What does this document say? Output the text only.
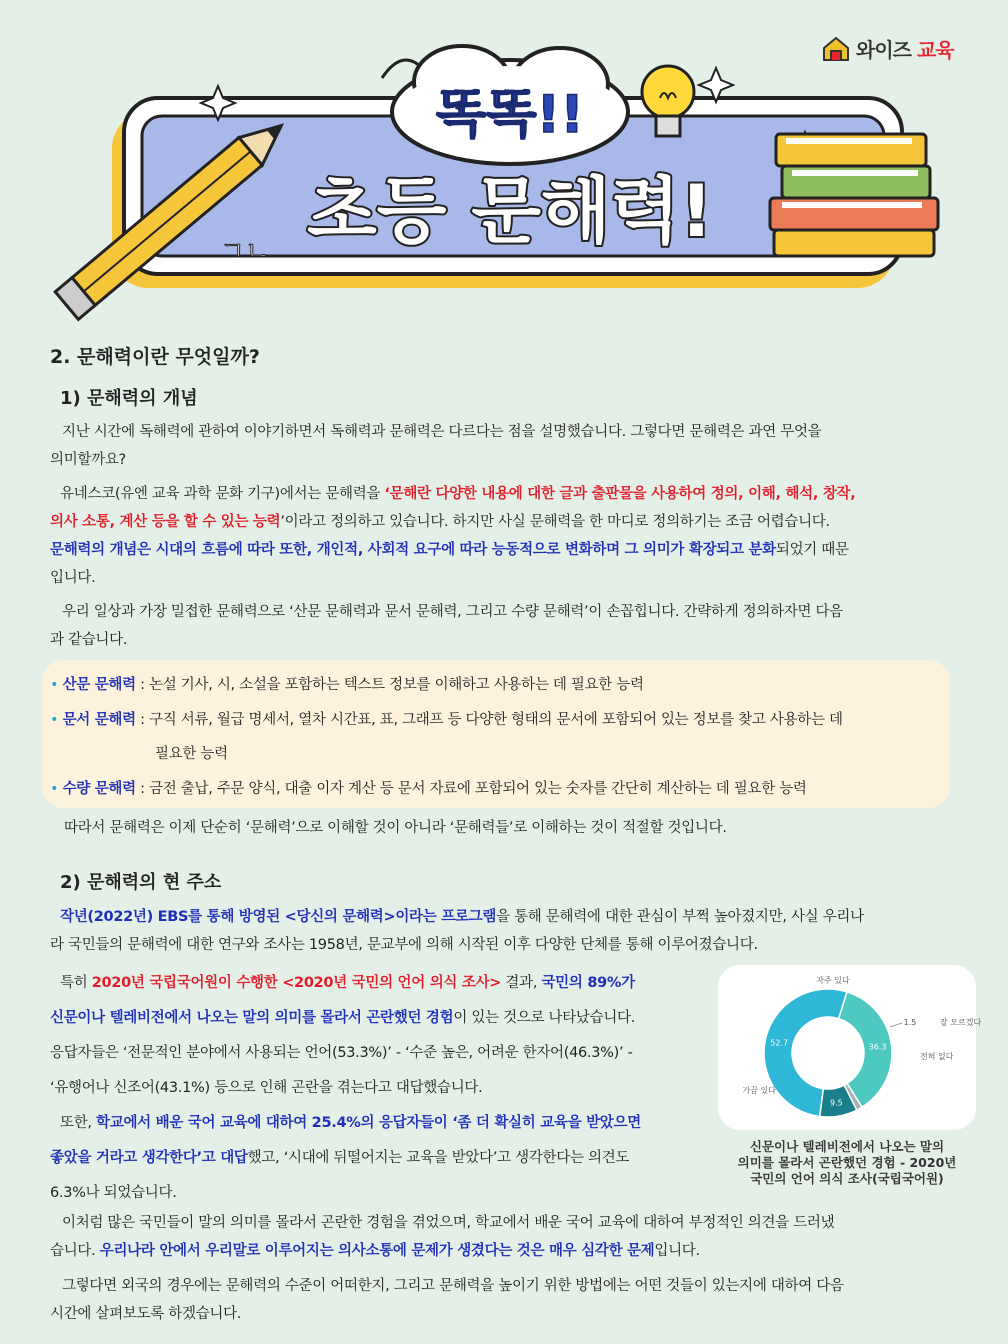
와이즈 교육
똑똑!!
초등 문해력!
ㄱㄴ
2. 문해력이란 무엇일까?
1) 문해력의 개념
지난 시간에 독해력에 관하여 이야기하면서 독해력과 문해력은 다르다는 점을 설명했습니다. 그렇다면 문해력은 과연 무엇을
의미할까요?
유네스코(유엔 교육 과학 문화 기구)에서는 문해력을 ‘문해란 다양한 내용에 대한 글과 출판물을 사용하여 정의, 이해, 해석, 창작,
의사 소통, 계산 등을 할 수 있는 능력’이라고 정의하고 있습니다. 하지만 사실 문해력을 한 마디로 정의하기는 조금 어렵습니다.
문해력의 개념은 시대의 흐름에 따라 또한, 개인적, 사회적 요구에 따라 능동적으로 변화하며 그 의미가 확장되고 분화되었기 때문
입니다.
우리 일상과 가장 밀접한 문해력으로 ‘산문 문해력과 문서 문해력, 그리고 수량 문해력’이 손꼽힙니다. 간략하게 정의하자면 다음
과 같습니다.
• 산문 문해력 : 논설 기사, 시, 소설을 포함하는 텍스트 정보를 이해하고 사용하는 데 필요한 능력
• 문서 문해력 : 구직 서류, 월급 명세서, 열차 시간표, 표, 그래프 등 다양한 형태의 문서에 포함되어 있는 정보를 찾고 사용하는 데
필요한 능력
• 수량 문해력 : 금전 출납, 주문 양식, 대출 이자 계산 등 문서 자료에 포함되어 있는 숫자를 간단히 계산하는 데 필요한 능력
따라서 문해력은 이제 단순히 ‘문해력’으로 이해할 것이 아니라 ‘문해력들’로 이해하는 것이 적절할 것입니다.
2) 문해력의 현 주소
작년(2022년) EBS를 통해 방영된 <당신의 문해력>이라는 프로그램을 통해 문해력에 대한 관심이 부쩍 높아졌지만, 사실 우리나
라 국민들의 문해력에 대한 연구와 조사는 1958년, 문교부에 의해 시작된 이후 다양한 단체를 통해 이루어졌습니다.
특히 2020년 국립국어원이 수행한 <2020년 국민의 언어 의식 조사> 결과, 국민의 89%가
신문이나 텔레비전에서 나오는 말의 의미를 몰라서 곤란했던 경험이 있는 것으로 나타났습니다.
응답자들은 ‘전문적인 분야에서 사용되는 언어(53.3%)’ - ‘수준 높은, 어려운 한자어(46.3%)’ -
‘유행어나 신조어(43.1%) 등으로 인해 곤란을 겪는다고 대답했습니다.
또한, 학교에서 배운 국어 교육에 대하여 25.4%의 응답자들이 ‘좀 더 확실히 교육을 받았으면
좋았을 거라고 생각한다’고 대답했고, ‘시대에 뒤떨어지는 교육을 받았다’고 생각한다는 의견도
6.3%나 되었습니다.
36.3
1.5
9.5
52.7
자주 있다
가끔 있다
전혀 없다
잘 모르겠다
신문이나 텔레비전에서 나오는 말의
의미를 몰라서 곤란했던 경험 - 2020년
국민의 언어 의식 조사(국립국어원)
이처럼 많은 국민들이 말의 의미를 몰라서 곤란한 경험을 겪었으며, 학교에서 배운 국어 교육에 대하여 부정적인 의견을 드러냈
습니다. 우리나라 안에서 우리말로 이루어지는 의사소통에 문제가 생겼다는 것은 매우 심각한 문제입니다.
그렇다면 외국의 경우에는 문해력의 수준이 어떠한지, 그리고 문해력을 높이기 위한 방법에는 어떤 것들이 있는지에 대하여 다음
시간에 살펴보도록 하겠습니다.
